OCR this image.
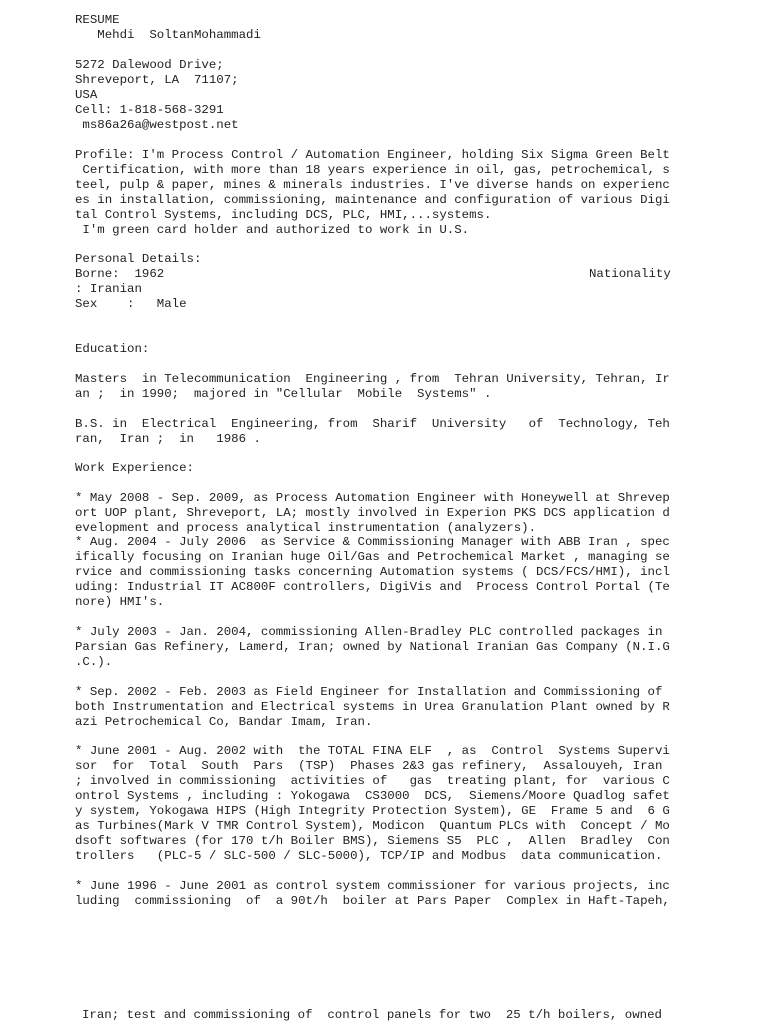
RESUME
Mehdi  SoltanMohammadi
5272 Dalewood Drive;
Shreveport, LA  71107;
USA
Cell: 1-818-568-3291
ms86a26a@westpost.net
Profile: I'm Process Control / Automation Engineer, holding Six Sigma Green Belt
Certification, with more than 18 years experience in oil, gas, petrochemical, s
teel, pulp & paper, mines & minerals industries. I've diverse hands on experienc
es in installation, commissioning, maintenance and configuration of various Digi
tal Control Systems, including DCS, PLC, HMI,...systems.
I'm green card holder and authorized to work in U.S.
Personal Details:
Borne:  1962	Nationality
: Iranian
Sex    :   Male
Education:
Masters  in Telecommunication  Engineering , from  Tehran University, Tehran, Ir
an ;  in 1990;  majored in "Cellular  Mobile  Systems" .
B.S. in  Electrical  Engineering, from  Sharif  University   of  Technology, Teh
ran,  Iran ;  in   1986 .
Work Experience:
* May 2008 - Sep. 2009, as Process Automation Engineer with Honeywell at Shrevep
ort UOP plant, Shreveport, LA; mostly involved in Experion PKS DCS application d
evelopment and process analytical instrumentation (analyzers).
* Aug. 2004 - July 2006  as Service & Commissioning Manager with ABB Iran , spec
ifically focusing on Iranian huge Oil/Gas and Petrochemical Market , managing se
rvice and commissioning tasks concerning Automation systems ( DCS/FCS/HMI), incl
uding: Industrial IT AC800F controllers, DigiVis and  Process Control Portal (Te
nore) HMI's.
* July 2003 - Jan. 2004, commissioning Allen-Bradley PLC controlled packages in
Parsian Gas Refinery, Lamerd, Iran; owned by National Iranian Gas Company (N.I.G
.C.).
* Sep. 2002 - Feb. 2003 as Field Engineer for Installation and Commissioning of
both Instrumentation and Electrical systems in Urea Granulation Plant owned by R
azi Petrochemical Co, Bandar Imam, Iran.
* June 2001 - Aug. 2002 with  the TOTAL FINA ELF  , as  Control  Systems Supervi
sor  for  Total  South  Pars  (TSP)  Phases 2&3 gas refinery,  Assalouyeh, Iran
; involved in commissioning  activities of   gas  treating plant, for  various C
ontrol Systems , including : Yokogawa  CS3000  DCS,  Siemens/Moore Quadlog safet
y system, Yokogawa HIPS (High Integrity Protection System), GE  Frame 5 and  6 G
as Turbines(Mark V TMR Control System), Modicon  Quantum PLCs with  Concept / Mo
dsoft softwares (for 170 t/h Boiler BMS), Siemens S5  PLC ,  Allen  Bradley  Con
trollers   (PLC-5 / SLC-500 / SLC-5000), TCP/IP and Modbus  data communication.
* June 1996 - June 2001 as control system commissioner for various projects, inc
luding  commissioning  of  a 90t/h  boiler at Pars Paper  Complex in Haft-Tapeh,
Iran; test and commissioning of  control panels for two  25 t/h boilers, owned
